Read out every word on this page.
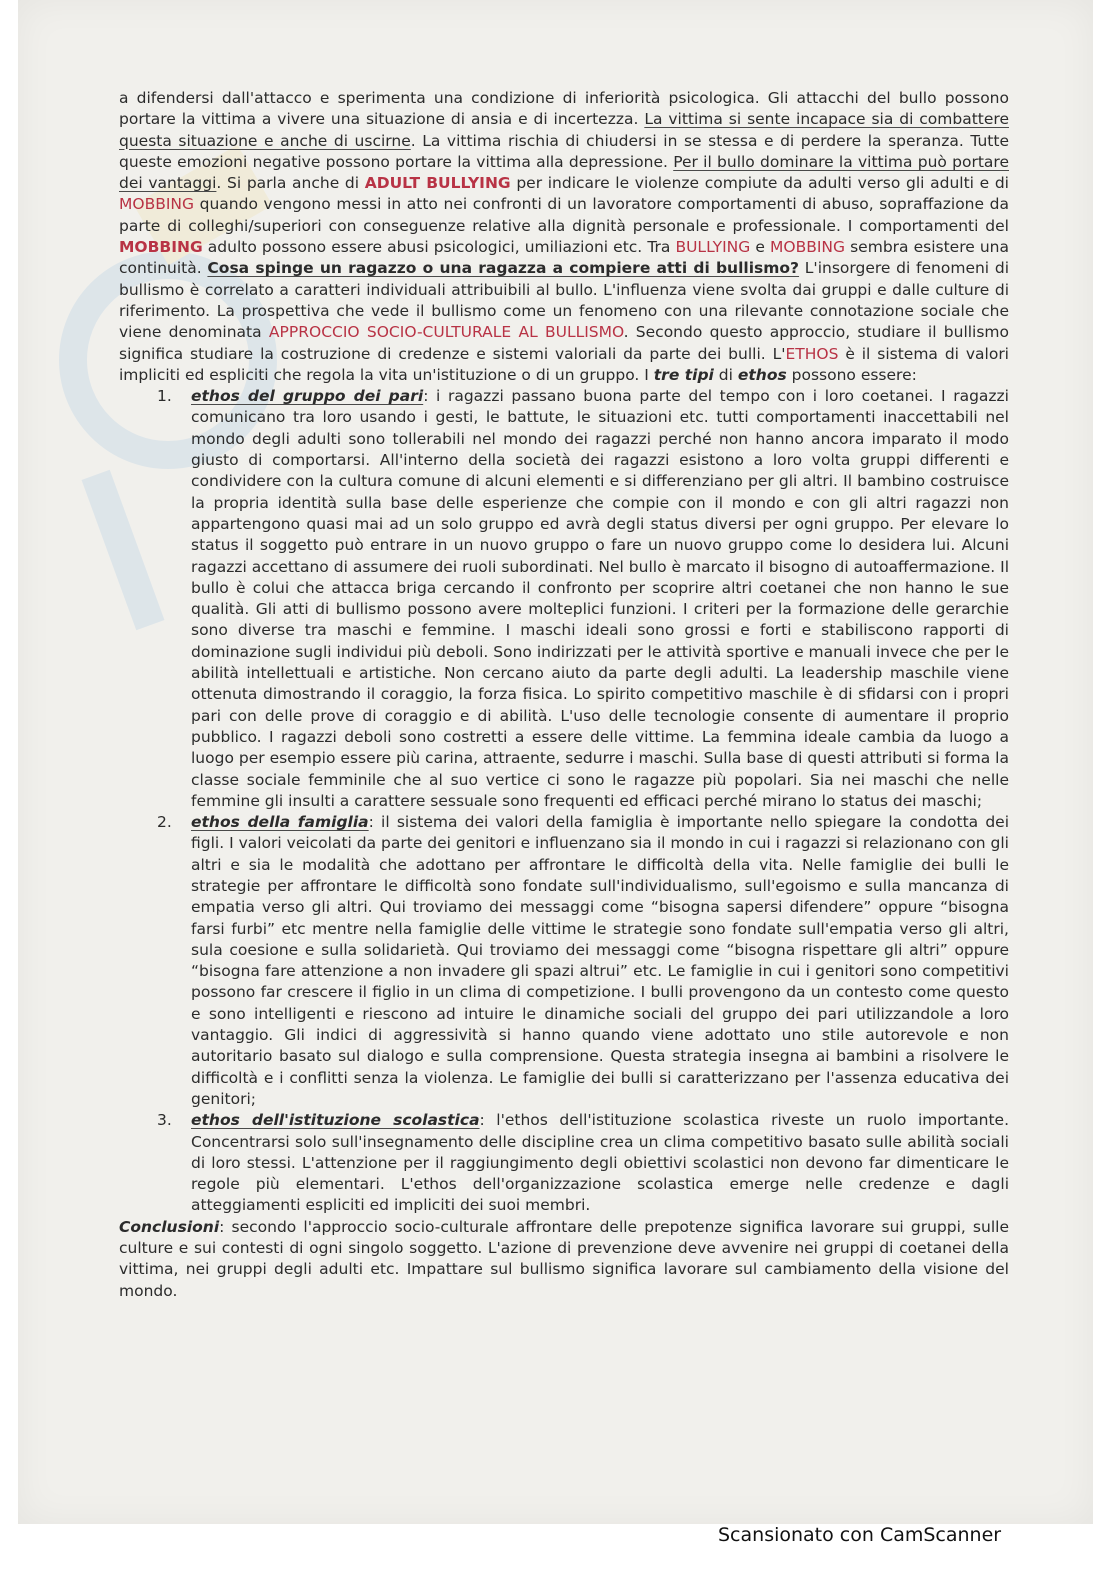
a difendersi dall'attacco e sperimenta una condizione di inferiorità psicologica. Gli attacchi del bullo possono portare la vittima a vivere una situazione di ansia e di incertezza. La vittima si sente incapace sia di combattere questa situazione e anche di uscirne. La vittima rischia di chiudersi in se stessa e di perdere la speranza. Tutte queste emozioni negative possono portare la vittima alla depressione. Per il bullo dominare la vittima può portare dei vantaggi. Si parla anche di ADULT BULLYING per indicare le violenze compiute da adulti verso gli adulti e di MOBBING quando vengono messi in atto nei confronti di un lavoratore comportamenti di abuso, sopraffazione da parte di colleghi/superiori con conseguenze relative alla dignità personale e professionale. I comportamenti del MOBBING adulto possono essere abusi psicologici, umiliazioni etc. Tra BULLYING e MOBBING sembra esistere una continuità. Cosa spinge un ragazzo o una ragazza a compiere atti di bullismo? L'insorgere di fenomeni di bullismo è correlato a caratteri individuali attribuibili al bullo. L'influenza viene svolta dai gruppi e dalle culture di riferimento. La prospettiva che vede il bullismo come un fenomeno con una rilevante connotazione sociale che viene denominata APPROCCIO SOCIO-CULTURALE AL BULLISMO. Secondo questo approccio, studiare il bullismo significa studiare la costruzione di credenze e sistemi valoriali da parte dei bulli. L'ETHOS è il sistema di valori impliciti ed espliciti che regola la vita un'istituzione o di un gruppo. I tre tipi di ethos possono essere:

1. ethos del gruppo dei pari: i ragazzi passano buona parte del tempo con i loro coetanei. I ragazzi comunicano tra loro usando i gesti, le battute, le situazioni etc. tutti comportamenti inaccettabili nel mondo degli adulti sono tollerabili nel mondo dei ragazzi perché non hanno ancora imparato il modo giusto di comportarsi. All'interno della società dei ragazzi esistono a loro volta gruppi differenti e condividere con la cultura comune di alcuni elementi e si differenziano per gli altri. Il bambino costruisce la propria identità sulla base delle esperienze che compie con il mondo e con gli altri ragazzi non appartengono quasi mai ad un solo gruppo ed avrà degli status diversi per ogni gruppo. Per elevare lo status il soggetto può entrare in un nuovo gruppo o fare un nuovo gruppo come lo desidera lui. Alcuni ragazzi accettano di assumere dei ruoli subordinati. Nel bullo è marcato il bisogno di autoaffermazione. Il bullo è colui che attacca briga cercando il confronto per scoprire altri coetanei che non hanno le sue qualità. Gli atti di bullismo possono avere molteplici funzioni. I criteri per la formazione delle gerarchie sono diverse tra maschi e femmine. I maschi ideali sono grossi e forti e stabiliscono rapporti di dominazione sugli individui più deboli. Sono indirizzati per le attività sportive e manuali invece che per le abilità intellettuali e artistiche. Non cercano aiuto da parte degli adulti. La leadership maschile viene ottenuta dimostrando il coraggio, la forza fisica. Lo spirito competitivo maschile è di sfidarsi con i propri pari con delle prove di coraggio e di abilità. L'uso delle tecnologie consente di aumentare il proprio pubblico. I ragazzi deboli sono costretti a essere delle vittime. La femmina ideale cambia da luogo a luogo per esempio essere più carina, attraente, sedurre i maschi. Sulla base di questi attributi si forma la classe sociale femminile che al suo vertice ci sono le ragazze più popolari. Sia nei maschi che nelle femmine gli insulti a carattere sessuale sono frequenti ed efficaci perché mirano lo status dei maschi;
2. ethos della famiglia: il sistema dei valori della famiglia è importante nello spiegare la condotta dei figli. I valori veicolati da parte dei genitori e influenzano sia il mondo in cui i ragazzi si relazionano con gli altri e sia le modalità che adottano per affrontare le difficoltà della vita. Nelle famiglie dei bulli le strategie per affrontare le difficoltà sono fondate sull'individualismo, sull'egoismo e sulla mancanza di empatia verso gli altri. Qui troviamo dei messaggi come “bisogna sapersi difendere” oppure “bisogna farsi furbi” etc mentre nella famiglie delle vittime le strategie sono fondate sull'empatia verso gli altri, sula coesione e sulla solidarietà. Qui troviamo dei messaggi come “bisogna rispettare gli altri” oppure “bisogna fare attenzione a non invadere gli spazi altrui” etc. Le famiglie in cui i genitori sono competitivi possono far crescere il figlio in un clima di competizione. I bulli provengono da un contesto come questo e sono intelligenti e riescono ad intuire le dinamiche sociali del gruppo dei pari utilizzandole a loro vantaggio. Gli indici di aggressività si hanno quando viene adottato uno stile autorevole e non autoritario basato sul dialogo e sulla comprensione. Questa strategia insegna ai bambini a risolvere le difficoltà e i conflitti senza la violenza. Le famiglie dei bulli si caratterizzano per l'assenza educativa dei genitori;
3. ethos dell'istituzione scolastica: l'ethos dell'istituzione scolastica riveste un ruolo importante. Concentrarsi solo sull'insegnamento delle discipline crea un clima competitivo basato sulle abilità sociali di loro stessi. L'attenzione per il raggiungimento degli obiettivi scolastici non devono far dimenticare le regole più elementari. L'ethos dell'organizzazione scolastica emerge nelle credenze e dagli atteggiamenti espliciti ed impliciti dei suoi membri.

Conclusioni: secondo l'approccio socio-culturale affrontare delle prepotenze significa lavorare sui gruppi, sulle culture e sui contesti di ogni singolo soggetto. L'azione di prevenzione deve avvenire nei gruppi di coetanei della vittima, nei gruppi degli adulti etc. Impattare sul bullismo significa lavorare sul cambiamento della visione del mondo.

Scansionato con CamScanner
